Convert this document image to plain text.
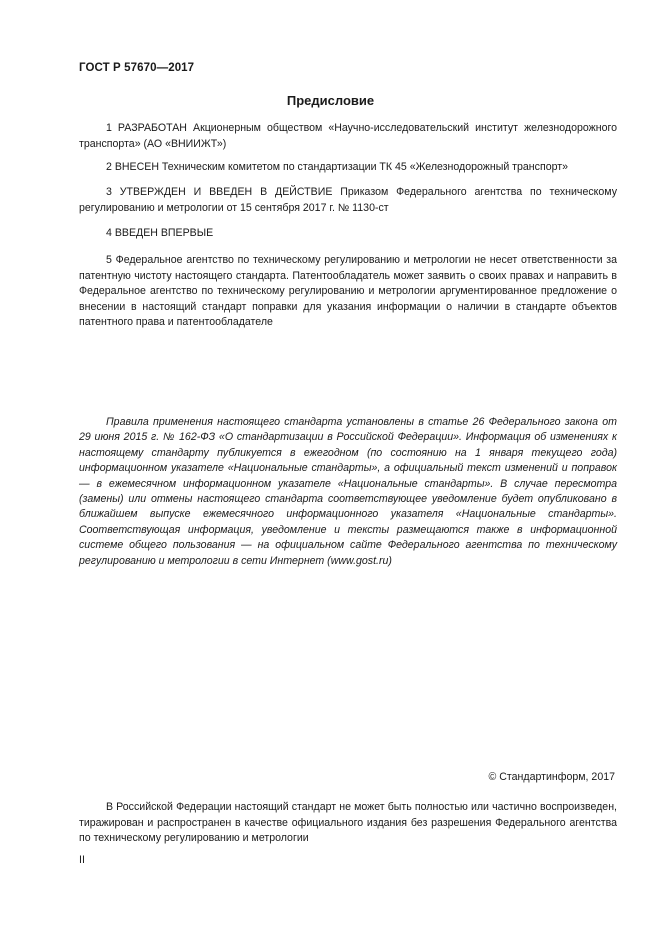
ГОСТ Р 57670—2017
Предисловие
1 РАЗРАБОТАН Акционерным обществом «Научно-исследовательский институт железнодорожного транспорта» (АО «ВНИИЖТ»)
2 ВНЕСЕН Техническим комитетом по стандартизации ТК 45 «Железнодорожный транспорт»
3 УТВЕРЖДЕН И ВВЕДЕН В ДЕЙСТВИЕ Приказом Федерального агентства по техническому регулированию и метрологии от 15 сентября 2017 г. № 1130-ст
4 ВВЕДЕН ВПЕРВЫЕ
5 Федеральное агентство по техническому регулированию и метрологии не несет ответственности за патентную чистоту настоящего стандарта. Патентообладатель может заявить о своих правах и направить в Федеральное агентство по техническому регулированию и метрологии аргументированное предложение о внесении в настоящий стандарт поправки для указания информации о наличии в стандарте объектов патентного права и патентообладателе
Правила применения настоящего стандарта установлены в статье 26 Федерального закона от 29 июня 2015 г. № 162-ФЗ «О стандартизации в Российской Федерации». Информация об изменениях к настоящему стандарту публикуется в ежегодном (по состоянию на 1 января текущего года) информационном указателе «Национальные стандарты», а официальный текст изменений и поправок — в ежемесячном информационном указателе «Национальные стандарты». В случае пересмотра (замены) или отмены настоящего стандарта соответствующее уведомление будет опубликовано в ближайшем выпуске ежемесячного информационного указателя «Национальные стандарты». Соответствующая информация, уведомление и тексты размещаются также в информационной системе общего пользования — на официальном сайте Федерального агентства по техническому регулированию и метрологии в сети Интернет (www.gost.ru)
© Стандартинформ, 2017
В Российской Федерации настоящий стандарт не может быть полностью или частично воспроизведен, тиражирован и распространен в качестве официального издания без разрешения Федерального агентства по техническому регулированию и метрологии
II
